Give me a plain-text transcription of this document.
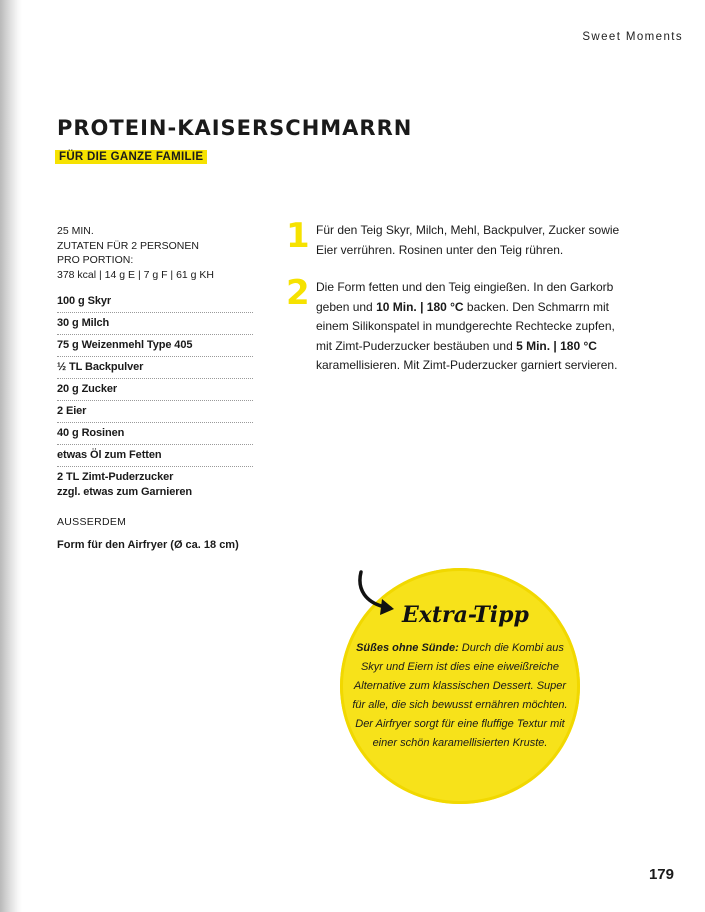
Sweet Moments
PROTEIN-KAISERSCHMARRN
FÜR DIE GANZE FAMILIE
25 MIN.
ZUTATEN FÜR 2 PERSONEN
PRO PORTION:
378 kcal | 14 g E | 7 g F | 61 g KH
100 g Skyr
30 g Milch
75 g Weizenmehl Type 405
½ TL Backpulver
20 g Zucker
2 Eier
40 g Rosinen
etwas Öl zum Fetten
2 TL Zimt-Puderzucker
zzgl. etwas zum Garnieren
AUSSERDEM
Form für den Airfryer (Ø ca. 18 cm)
1 Für den Teig Skyr, Milch, Mehl, Backpulver, Zucker sowie Eier verrühren. Rosinen unter den Teig rühren.
2 Die Form fetten und den Teig eingießen. In den Garkorb geben und 10 Min. | 180 °C backen. Den Schmarrn mit einem Silikonspatel in mundgerechte Rechtecke zupfen, mit Zimt-Puderzucker bestäuben und 5 Min. | 180 °C karamellisieren. Mit Zimt-Puderzucker garniert servieren.
Extra-Tipp
Süßes ohne Sünde: Durch die Kombi aus Skyr und Eiern ist dies eine eiweißreiche Alternative zum klassischen Dessert. Super für alle, die sich bewusst ernähren möchten. Der Airfryer sorgt für eine fluffige Textur mit einer schön karamellisierten Kruste.
179
